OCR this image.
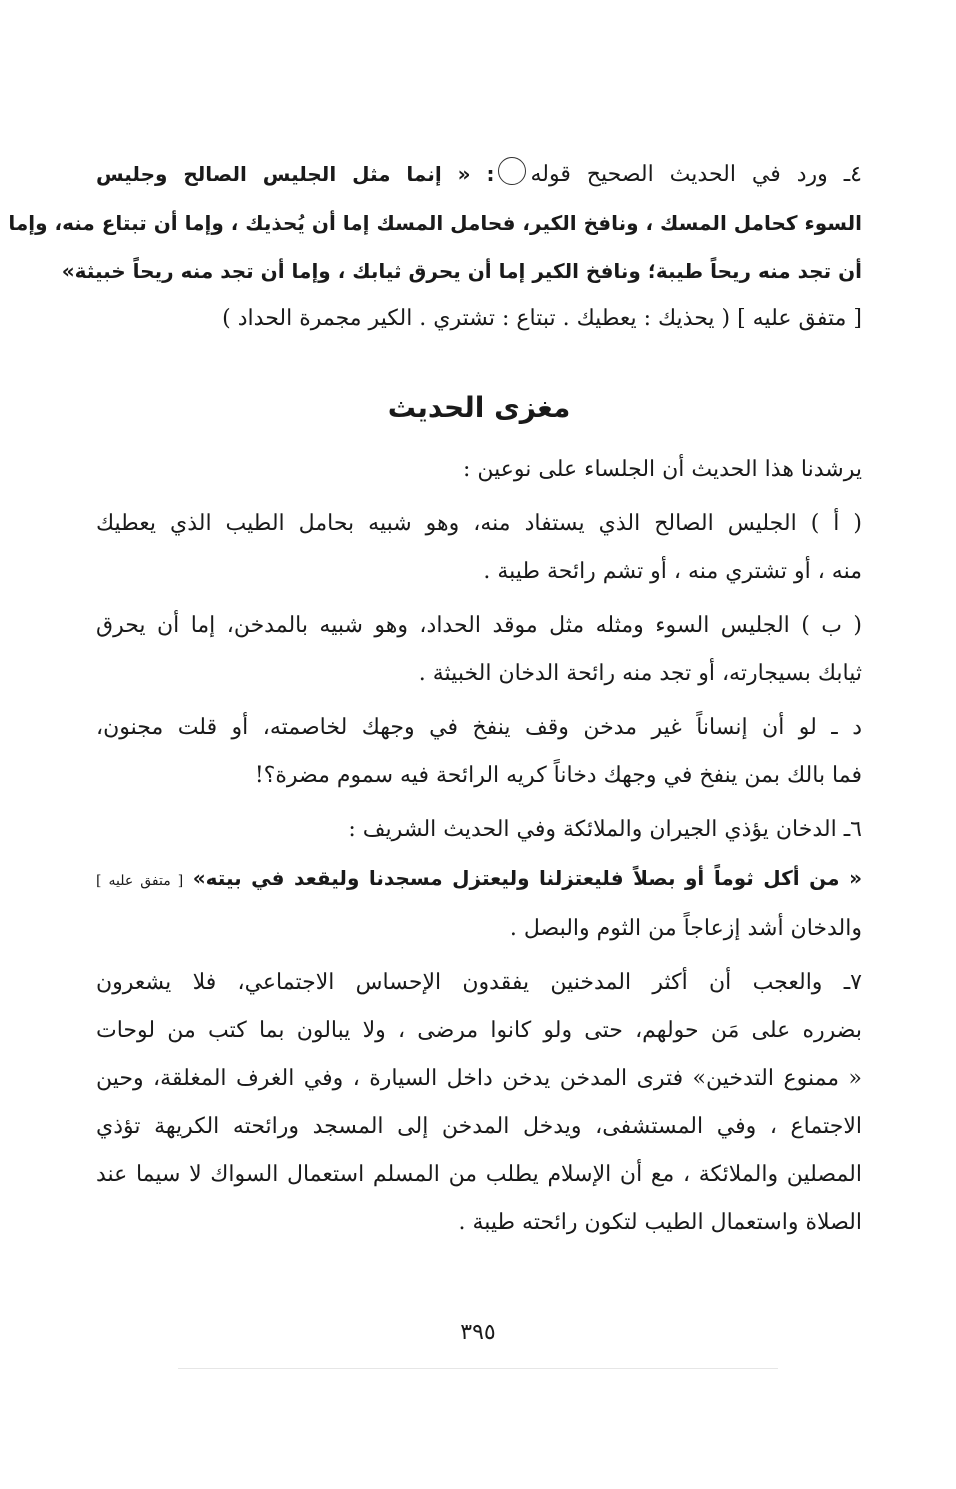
٤ـ ورد في الحديث الصحيح قوله: « إنما مثل الجليس الصالح وجليس
السوء كحامل المسك ، ونافخ الكير، فحامل المسك إما أن يُحذيك ، وإما أن تبتاع منه، وإما
أن تجد منه ريحاً طيبة؛ ونافخ الكير إما أن يحرق ثيابك ، وإما أن تجد منه ريحاً خبيثة»
[ متفق عليه ] ( يحذيك : يعطيك . تبتاع : تشتري . الكير مجمرة الحداد )
مغزى الحديث
يرشدنا هذا الحديث أن الجلساء على نوعين :
( أ ) الجليس الصالح الذي يستفاد منه، وهو شبيه بحامل الطيب الذي يعطيك
منه ، أو تشتري منه ، أو تشم رائحة طيبة .
( ب ) الجليس السوء ومثله مثل موقد الحداد، وهو شبيه بالمدخن، إما أن يحرق
ثيابك بسيجارته، أو تجد منه رائحة الدخان الخبيثة .
د ـ لو أن إنساناً غير مدخن وقف ينفخ في وجهك لخاصمته، أو قلت مجنون،
فما بالك بمن ينفخ في وجهك دخاناً كريه الرائحة فيه سموم مضرة؟!
٦ـ الدخان يؤذي الجيران والملائكة وفي الحديث الشريف :
« من أكل ثوماً أو بصلاً فليعتزلنا وليعتزل مسجدنا وليقعد في بيته» [ متفق عليه ]
والدخان أشد إزعاجاً من الثوم والبصل .
٧ـ والعجب أن أكثر المدخنين يفقدون الإحساس الاجتماعي، فلا يشعرون
بضرره على مَن حولهم، حتى ولو كانوا مرضى ، ولا يبالون بما كتب من لوحات
« ممنوع التدخين» فترى المدخن يدخن داخل السيارة ، وفي الغرف المغلقة، وحين
الاجتماع ، وفي المستشفى، ويدخل المدخن إلى المسجد ورائحته الكريهة تؤذي
المصلين والملائكة ، مع أن الإسلام يطلب من المسلم استعمال السواك لا سيما عند
الصلاة واستعمال الطيب لتكون رائحته طيبة .
٣٩٥
